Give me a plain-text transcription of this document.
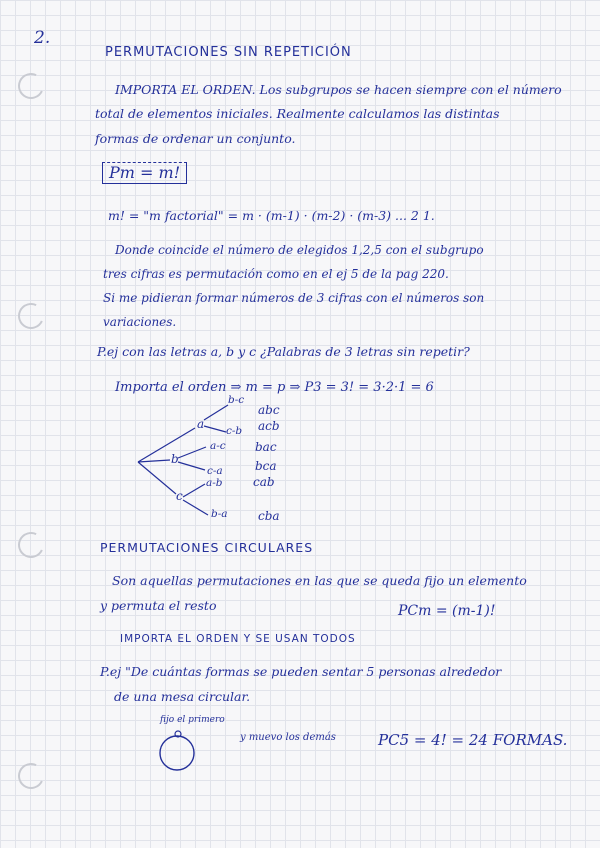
2.
PERMUTACIONES SIN REPETICIÓN
IMPORTA EL ORDEN. Los subgrupos se hacen siempre con el número
total de elementos iniciales. Realmente calculamos las distintas
formas de ordenar un conjunto.
Pm = m!
m! = "m factorial" = m · (m-1) · (m-2) · (m-3) ... 2 1.
Donde coincide el número de elegidos 1,2,5 con el subgrupo
tres cifras es permutación como en el ej 5 de la pag 220.
Si me pidieran formar números de 3 cifras con el números son
variaciones.
P.ej con las letras a, b y c ¿Palabras de 3 letras sin repetir?
Importa el orden ⇒ m = p ⇒ P3 = 3! = 3·2·1 = 6
a
b
c
b-c
c-b
a-c
c-a
a-b
b-a
abc
acb
bac
bca
cab
cba
PERMUTACIONES CIRCULARES
Son aquellas permutaciones en las que se queda fijo un elemento
y permuta el resto	PCm = (m-1)!
IMPORTA EL ORDEN Y SE USAN TODOS
P.ej "De cuántas formas se pueden sentar 5 personas alrededor
de una mesa circular.
fijo el primero
y muevo los demás	PC5 = 4! = 24 FORMAS.
